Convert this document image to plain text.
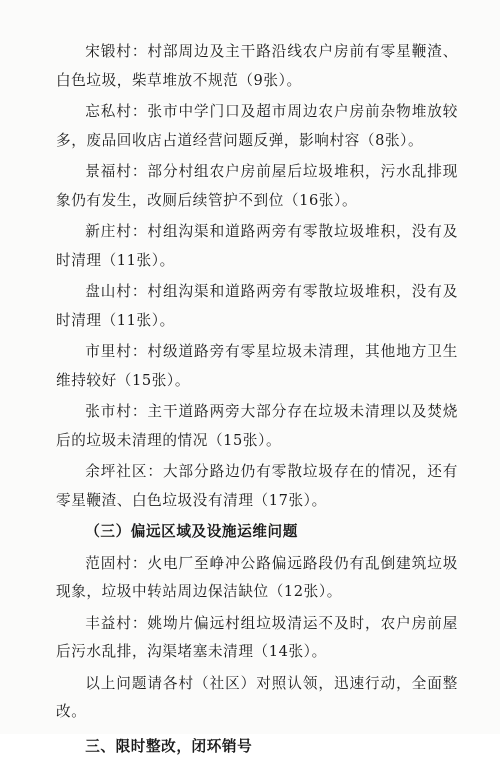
宋锻村：村部周边及主干路沿线农户房前有零星鞭渣、白色垃圾，柴草堆放不规范（9张）。

忘私村：张市中学门口及超市周边农户房前杂物堆放较多，废品回收店占道经营问题反弹，影响村容（8张）。

景福村：部分村组农户房前屋后垃圾堆积，污水乱排现象仍有发生，改厕后续管护不到位（16张）。

新庄村：村组沟渠和道路两旁有零散垃圾堆积，没有及时清理（11张）。

盘山村：村组沟渠和道路两旁有零散垃圾堆积，没有及时清理（11张）。

市里村：村级道路旁有零星垃圾未清理，其他地方卫生维持较好（15张）。

张市村：主干道路两旁大部分存在垃圾未清理以及焚烧后的垃圾未清理的情况（15张）。

余坪社区：大部分路边仍有零散垃圾存在的情况，还有零星鞭渣、白色垃圾没有清理（17张）。

（三）偏远区域及设施运维问题

范固村：火电厂至峥冲公路偏远路段仍有乱倒建筑垃圾现象，垃圾中转站周边保洁缺位（12张）。

丰益村：姚坳片偏远村组垃圾清运不及时，农户房前屋后污水乱排，沟渠堵塞未清理（14张）。

以上问题请各村（社区）对照认领，迅速行动，全面整改。

三、限时整改，闭环销号
